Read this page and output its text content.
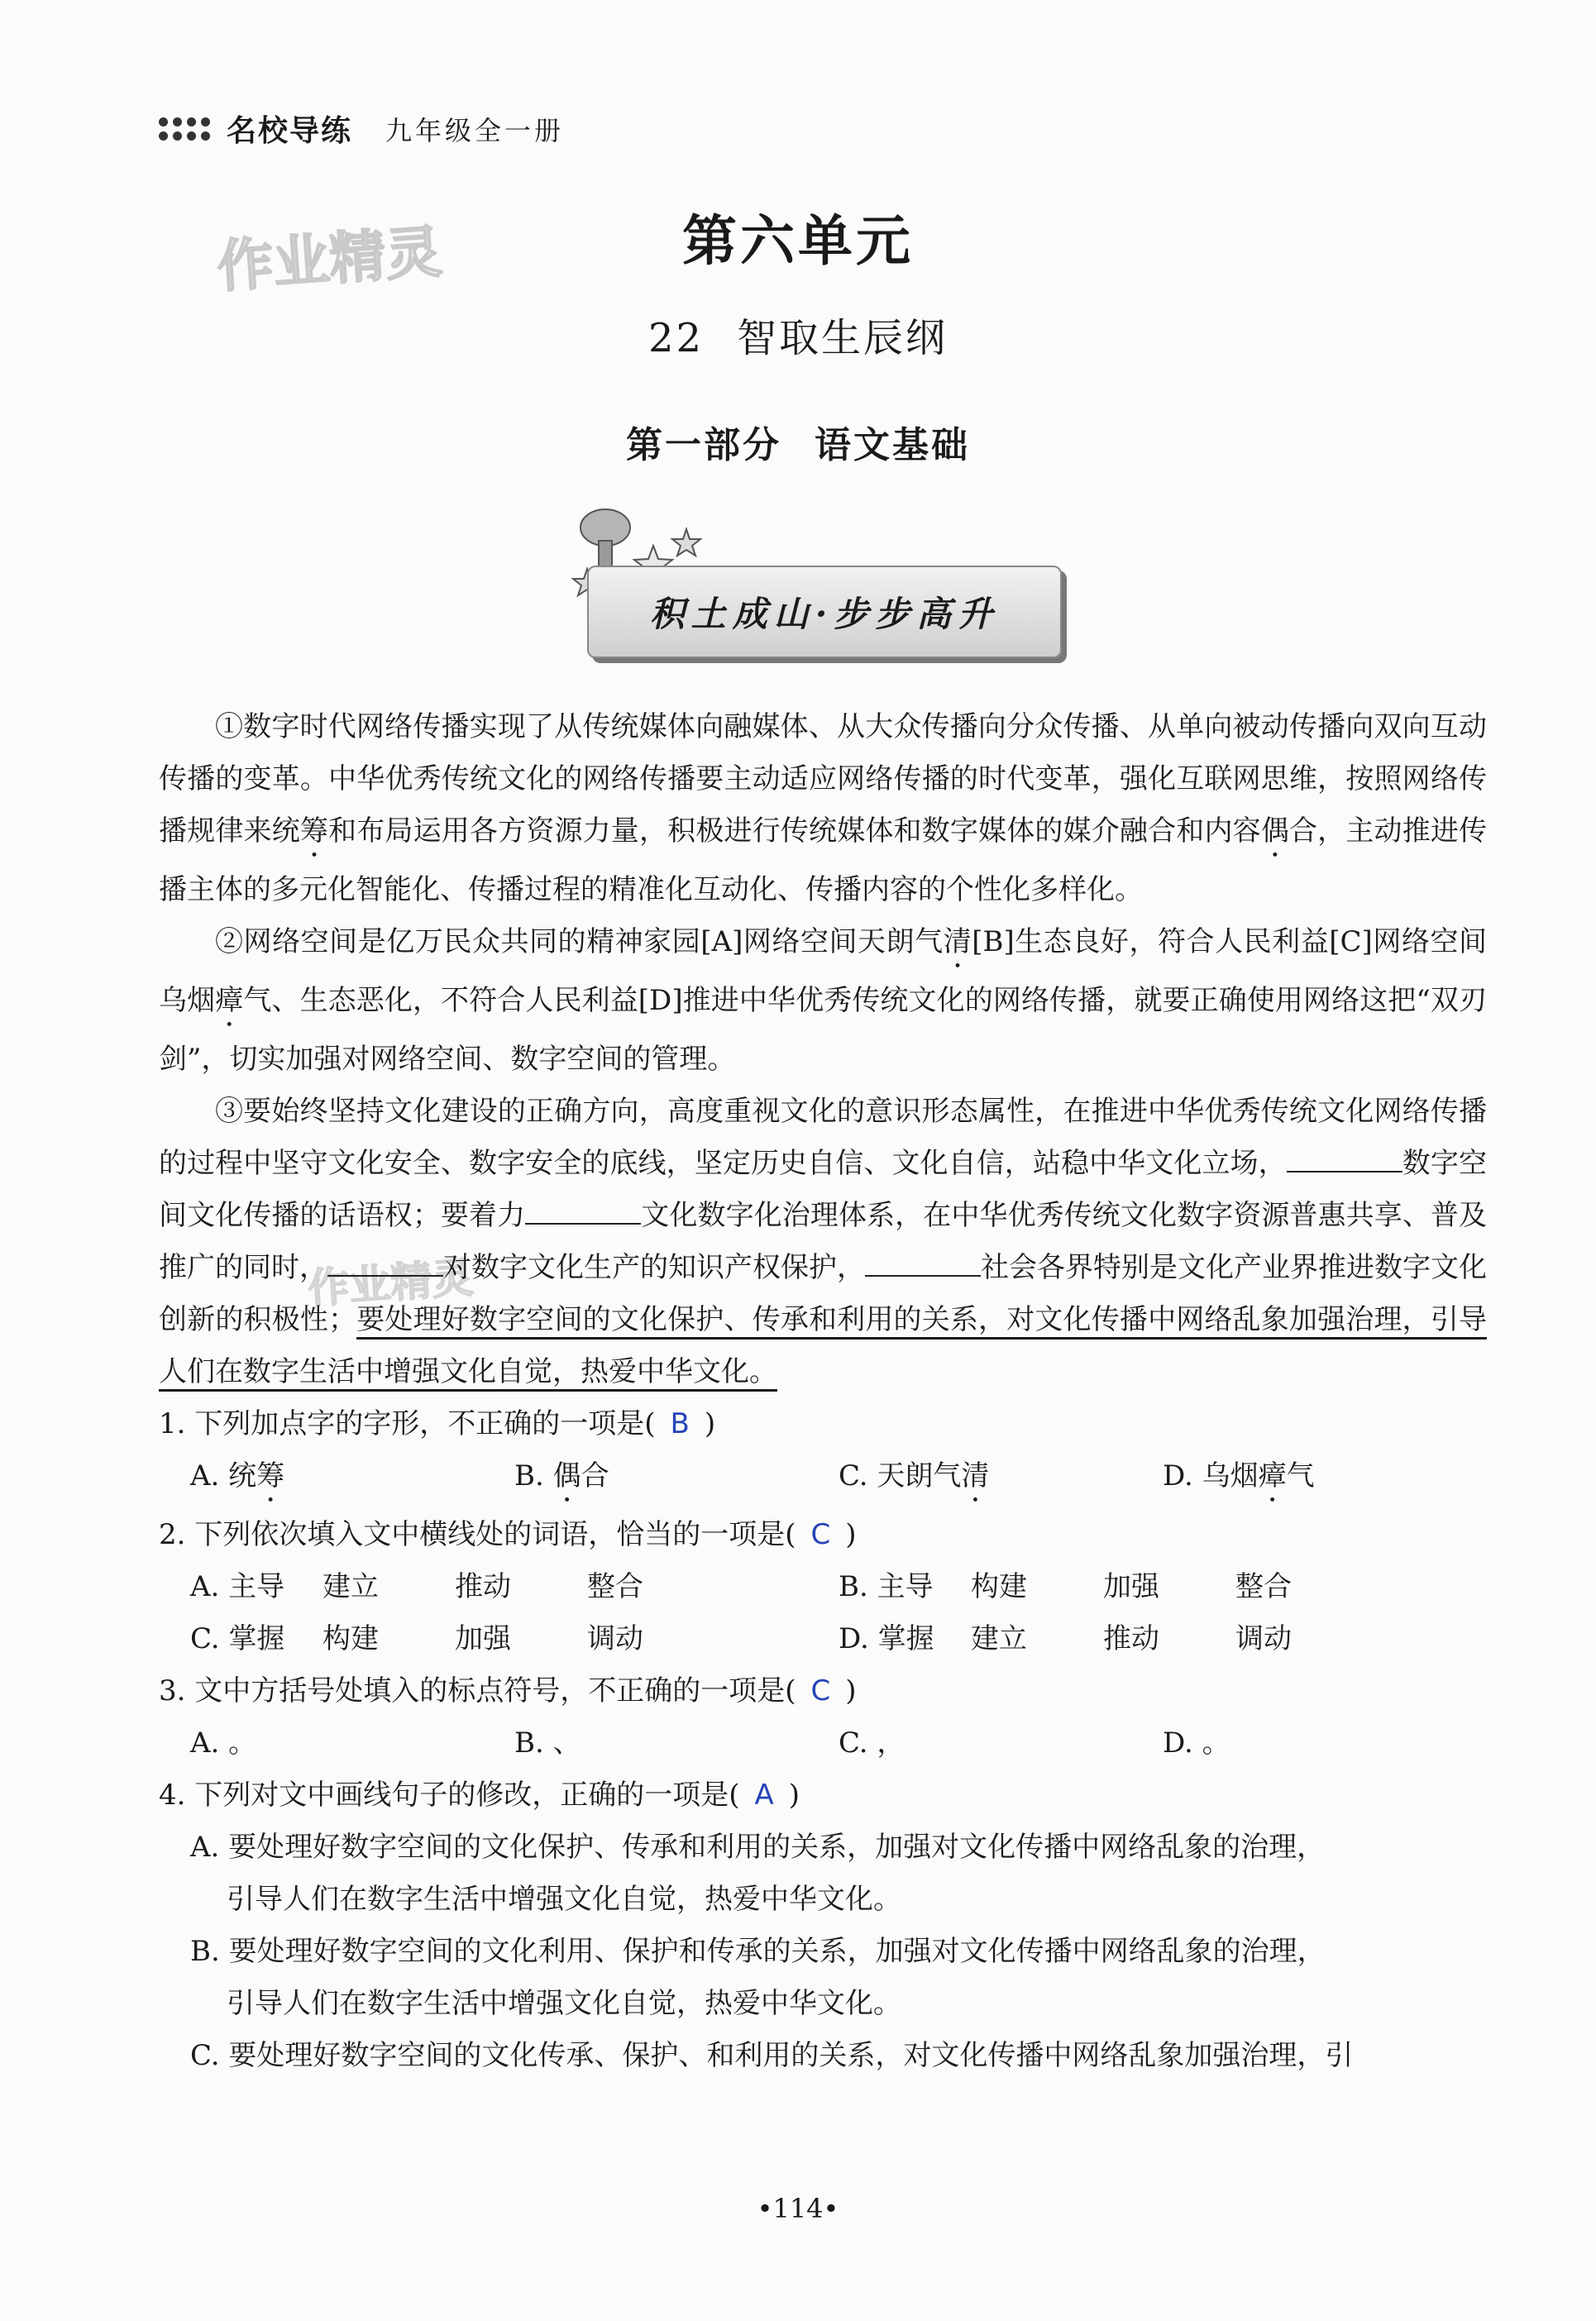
名校导练 九年级全一册
作业精灵
作业精灵
第六单元
22 智取生辰纲
第一部分 语文基础
积土成山·步步高升

①数字时代网络传播实现了从传统媒体向融媒体、从大众传播向分众传播、从单向被动传播向双向互动传播的变革。中华优秀传统文化的网络传播要主动适应网络传播的时代变革，强化互联网思维，按照网络传播规律来统筹和布局运用各方资源力量，积极进行传统媒体和数字媒体的媒介融合和内容偶合，主动推进传播主体的多元化智能化、传播过程的精准化互动化、传播内容的个性化多样化。

②网络空间是亿万民众共同的精神家园[A]网络空间天朗气清[B]生态良好，符合人民利益[C]网络空间乌烟瘴气、生态恶化，不符合人民利益[D]推进中华优秀传统文化的网络传播，就要正确使用网络这把“双刃剑”，切实加强对网络空间、数字空间的管理。

③要始终坚持文化建设的正确方向，高度重视文化的意识形态属性，在推进中华优秀传统文化网络传播的过程中坚守文化安全、数字安全的底线，坚定历史自信、文化自信，站稳中华文化立场，	数字空间文化传播的话语权；要着力	文化数字化治理体系，在中华优秀传统文化数字资源普惠共享、普及推广的同时，	对数字文化生产的知识产权保护，	社会各界特别是文化产业界推进数字文化创新的积极性；要处理好数字空间的文化保护、传承和利用的关系，对文化传播中网络乱象加强治理，引导人们在数字生活中增强文化自觉，热爱中华文化。

1. 下列加点字的字形，不正确的一项是( B )

A. 统筹	B. 偶合	C. 天朗气清	D. 乌烟瘴气

2. 下列依次填入文中横线处的词语，恰当的一项是( C )

A. 主导	建立	推动	整合	B. 主导	构建	加强	整合
C. 掌握	构建	加强	调动	D. 掌握	建立	推动	调动

3. 文中方括号处填入的标点符号，不正确的一项是( C )

A. 。	B. 、	C. ，	D. 。

4. 下列对文中画线句子的修改，正确的一项是( A )

A. 要处理好数字空间的文化保护、传承和利用的关系，加强对文化传播中网络乱象的治理，
引导人们在数字生活中增强文化自觉，热爱中华文化。

B. 要处理好数字空间的文化利用、保护和传承的关系，加强对文化传播中网络乱象的治理，
引导人们在数字生活中增强文化自觉，热爱中华文化。

C. 要处理好数字空间的文化传承、保护、和利用的关系，对文化传播中网络乱象加强治理，引

•114•
